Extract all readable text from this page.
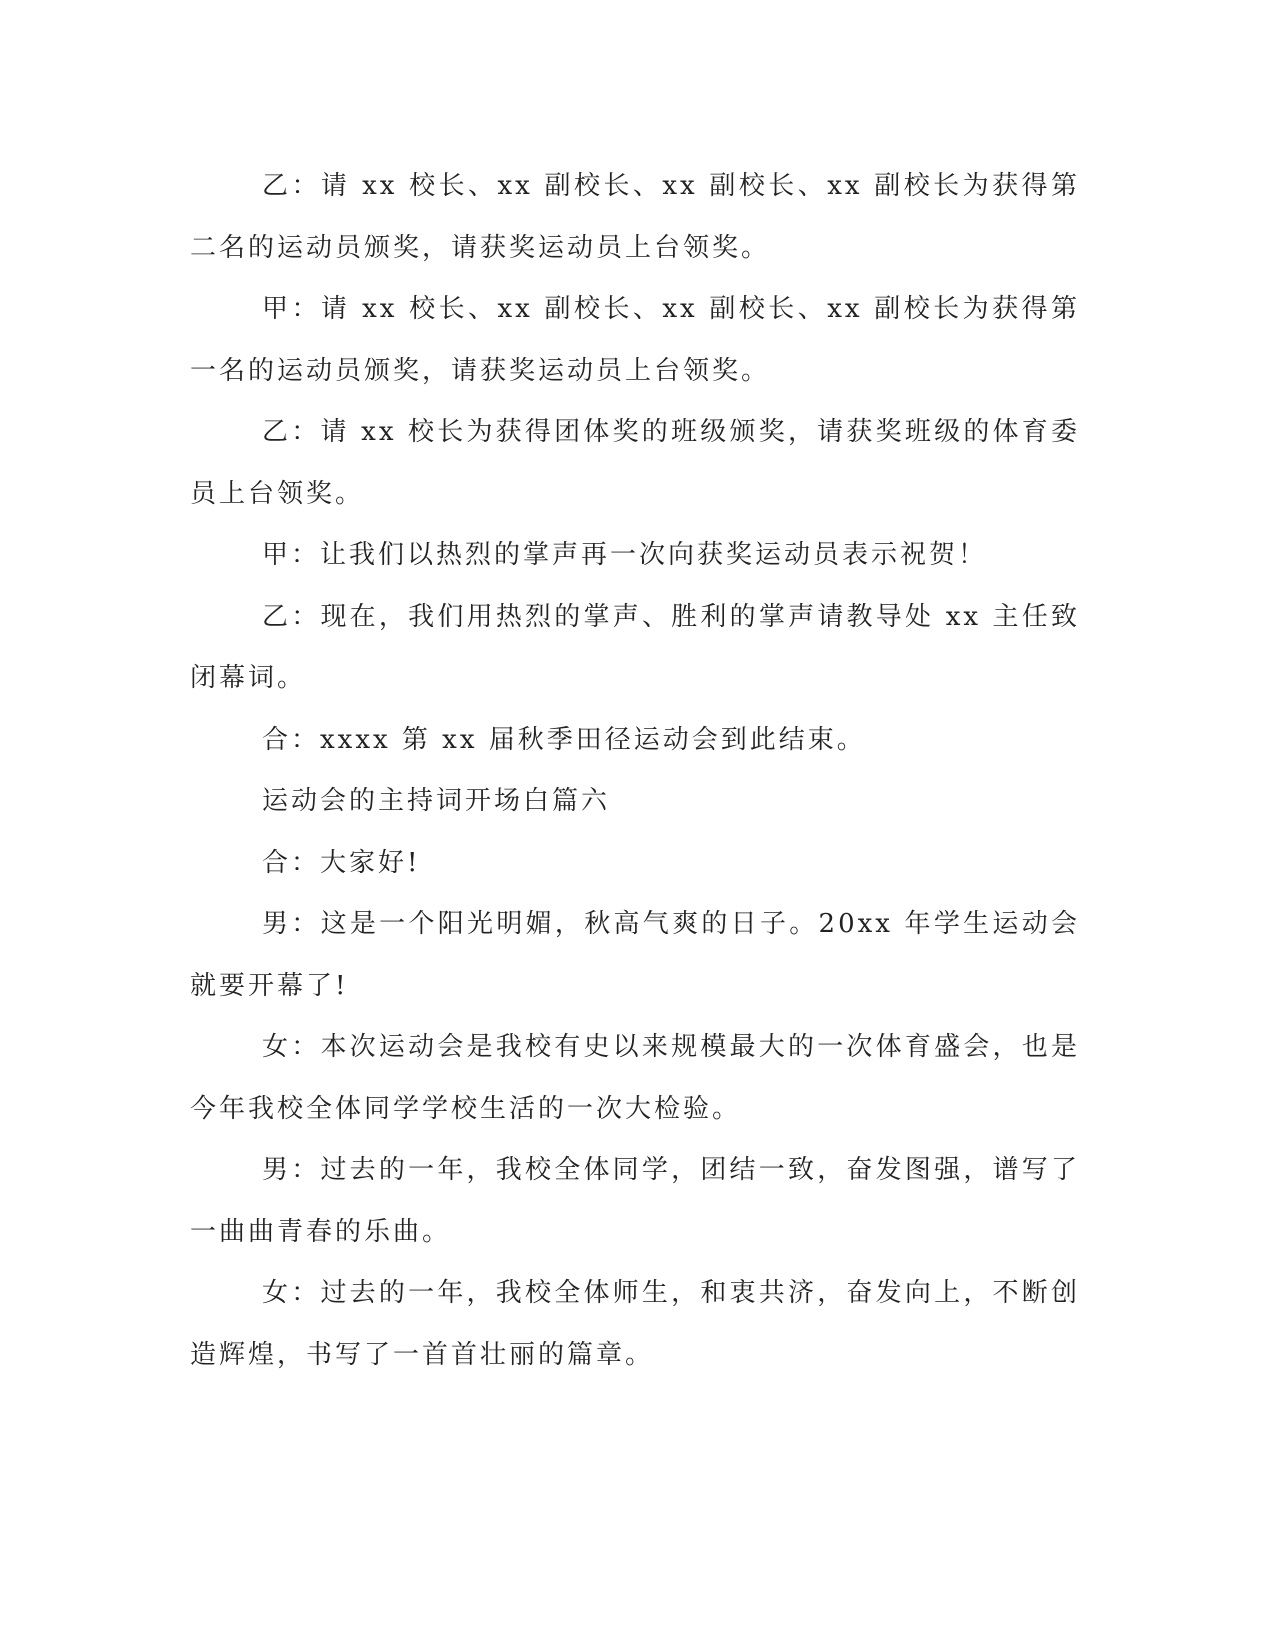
乙：请 xx 校长、xx 副校长、xx 副校长、xx 副校长为获得第二名的运动员颁奖，请获奖运动员上台领奖。

甲：请 xx 校长、xx 副校长、xx 副校长、xx 副校长为获得第一名的运动员颁奖，请获奖运动员上台领奖。

乙：请 xx 校长为获得团体奖的班级颁奖，请获奖班级的体育委员上台领奖。

甲：让我们以热烈的掌声再一次向获奖运动员表示祝贺！

乙：现在，我们用热烈的掌声、胜利的掌声请教导处 xx 主任致闭幕词。

合：xxxx 第 xx 届秋季田径运动会到此结束。

运动会的主持词开场白篇六

合：大家好!

男：这是一个阳光明媚，秋高气爽的日子。20xx 年学生运动会就要开幕了!

女：本次运动会是我校有史以来规模最大的一次体育盛会，也是今年我校全体同学学校生活的一次大检验。

男：过去的一年，我校全体同学，团结一致，奋发图强，谱写了一曲曲青春的乐曲。

女：过去的一年，我校全体师生，和衷共济，奋发向上，不断创造辉煌，书写了一首首壮丽的篇章。
